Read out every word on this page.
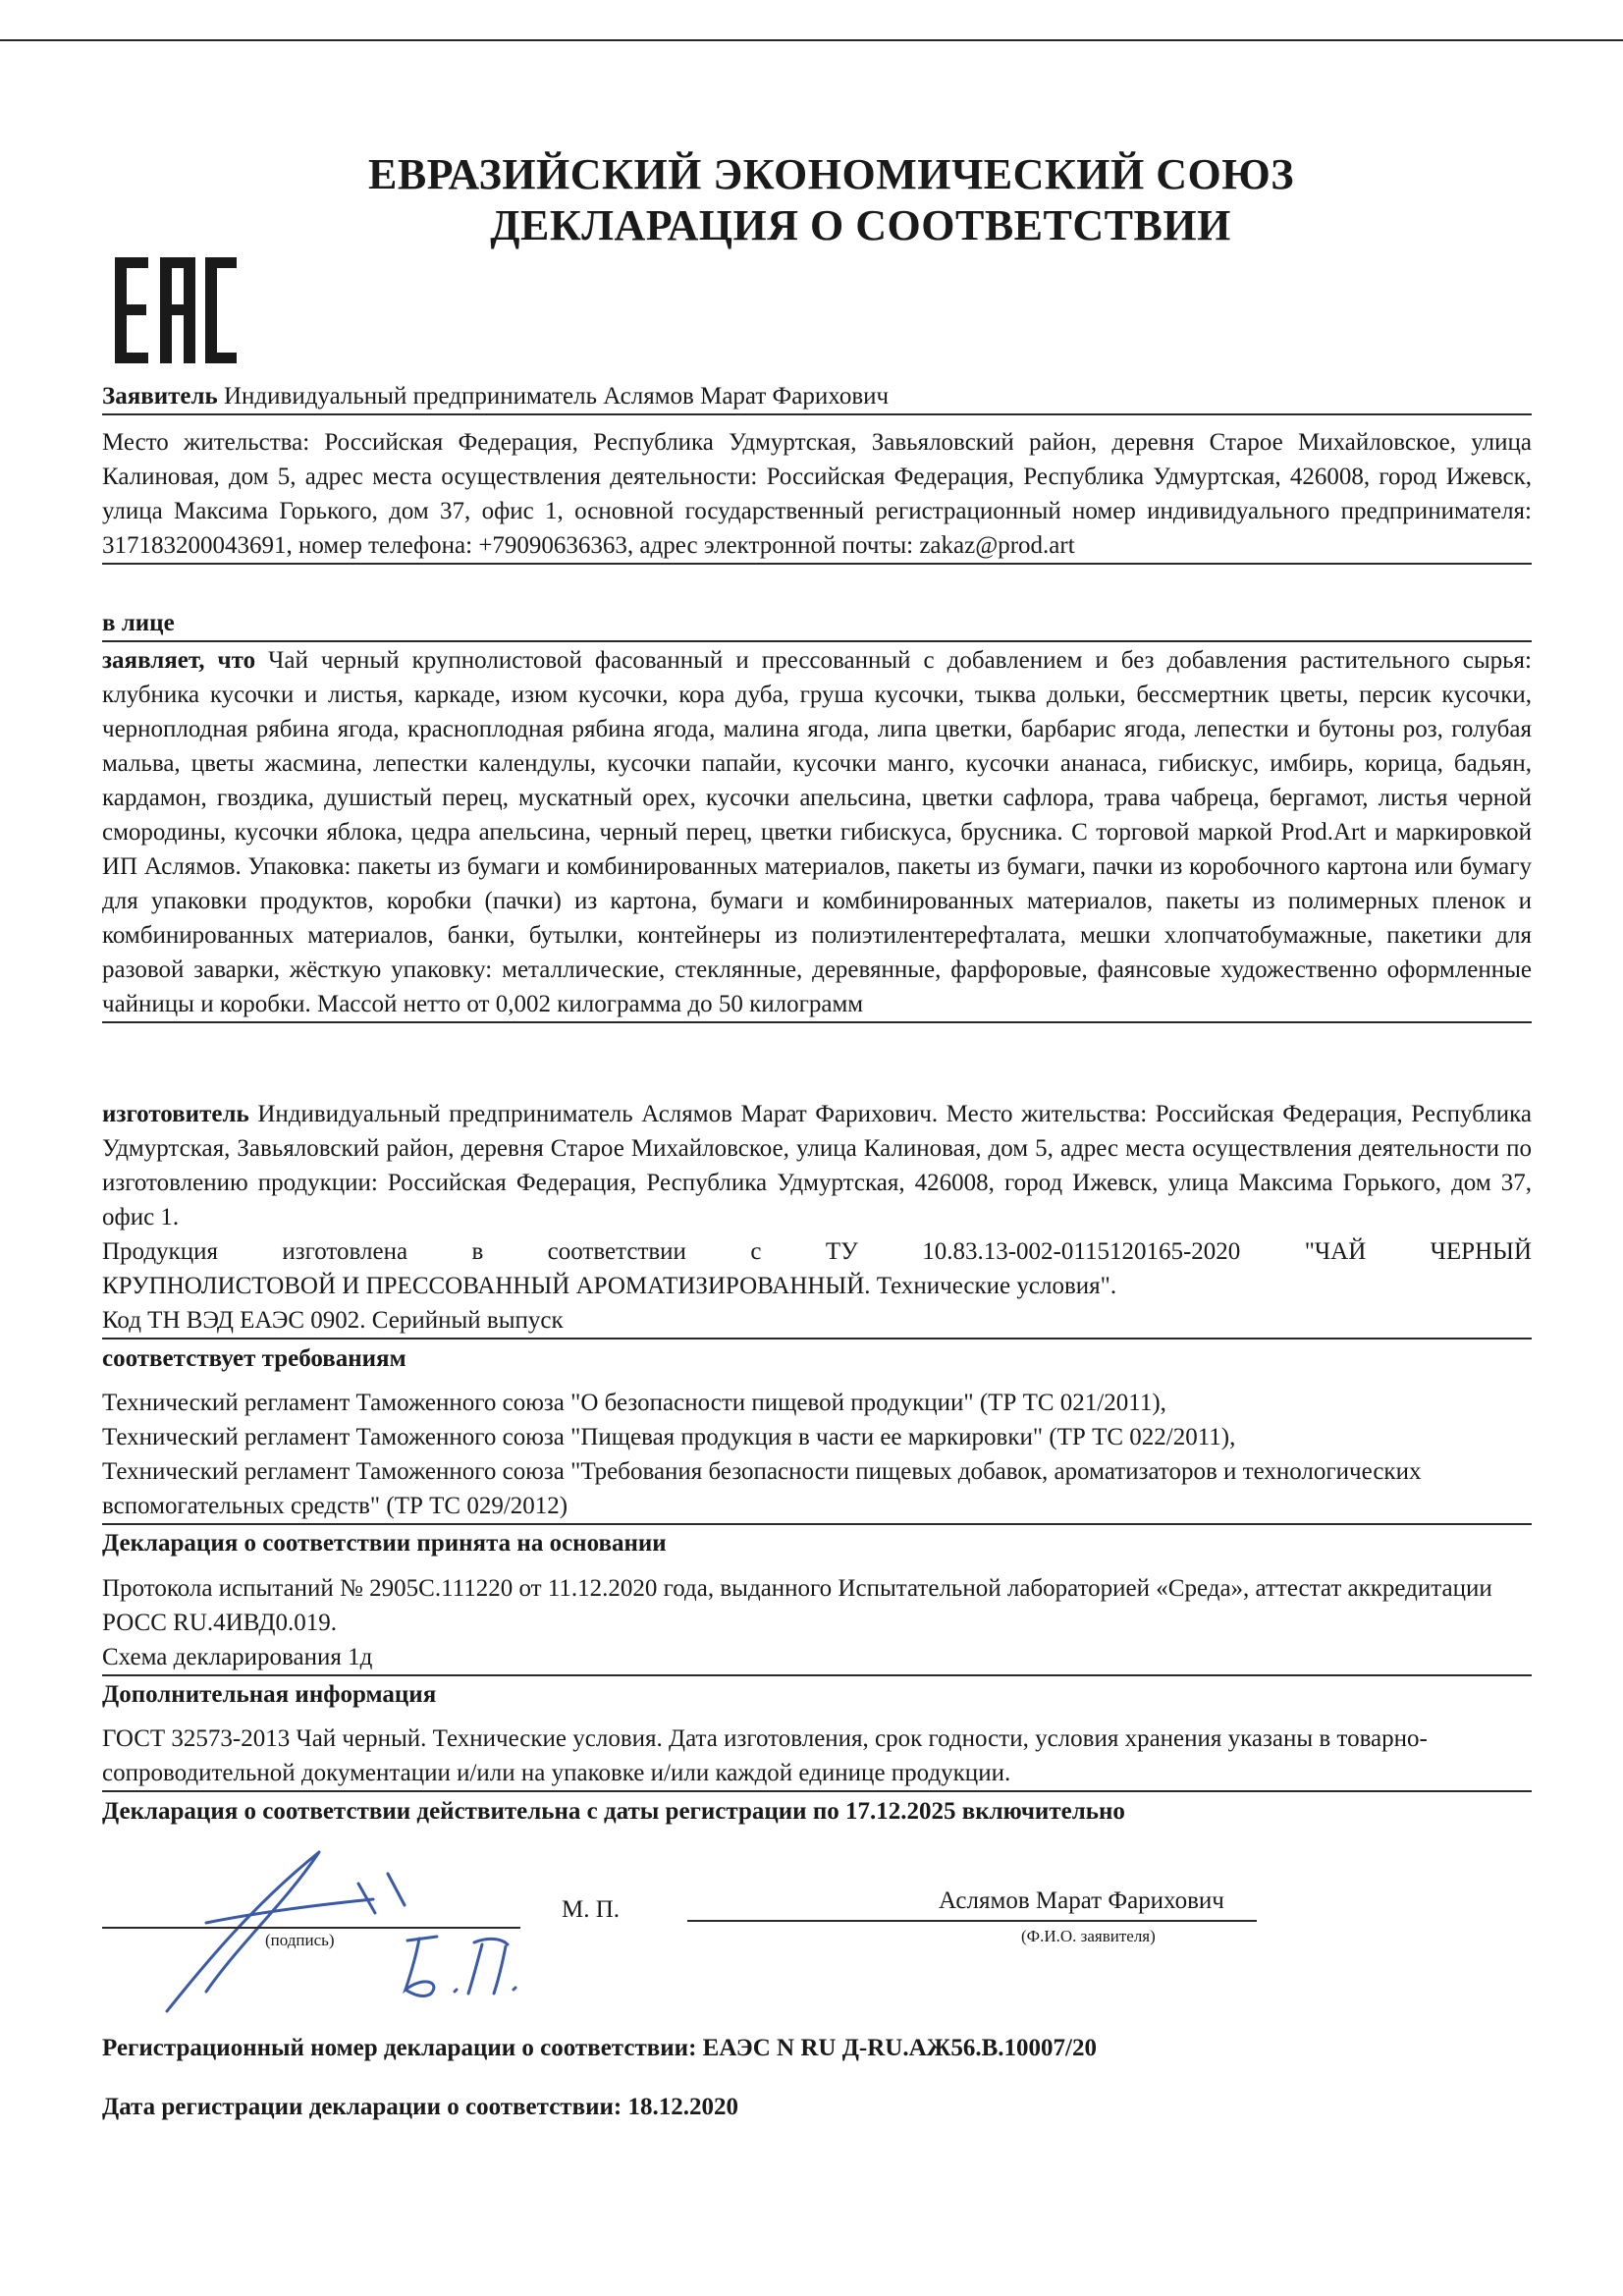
ЕВРАЗИЙСКИЙ ЭКОНОМИЧЕСКИЙ СОЮЗ
ДЕКЛАРАЦИЯ О СООТВЕТСТВИИ
Заявитель Индивидуальный предприниматель Аслямов Марат Фарихович
Место жительства: Российская Федерация, Республика Удмуртская, Завьяловский район, деревня Старое Михайловское, улица Калиновая, дом 5, адрес места осуществления деятельности: Российская Федерация, Республика Удмуртская, 426008, город Ижевск, улица Максима Горького, дом 37, офис 1, основной государственный регистрационный номер индивидуального предпринимателя: 317183200043691, номер телефона: +79090636363, адрес электронной почты: zakaz@prod.art
в лице
заявляет, что Чай черный крупнолистовой фасованный и прессованный с добавлением и без добавления растительного сырья: клубника кусочки и листья, каркаде, изюм кусочки, кора дуба, груша кусочки, тыква дольки, бессмертник цветы, персик кусочки, черноплодная рябина ягода, красноплодная рябина ягода, малина ягода, липа цветки, барбарис ягода, лепестки и бутоны роз, голубая мальва, цветы жасмина, лепестки календулы, кусочки папайи, кусочки манго, кусочки ананаса, гибискус, имбирь, корица, бадьян, кардамон, гвоздика, душистый перец, мускатный орех, кусочки апельсина, цветки сафлора, трава чабреца, бергамот, листья черной смородины, кусочки яблока, цедра апельсина, черный перец, цветки гибискуса, брусника. С торговой маркой Prod.Art и маркировкой ИП Аслямов. Упаковка: пакеты из бумаги и комбинированных материалов, пакеты из бумаги, пачки из коробочного картона или бумагу для упаковки продуктов, коробки (пачки) из картона, бумаги и комбинированных материалов, пакеты из полимерных пленок и комбинированных материалов, банки, бутылки, контейнеры из полиэтилентерефталата, мешки хлопчатобумажные, пакетики для разовой заварки, жёсткую упаковку: металлические, стеклянные, деревянные, фарфоровые, фаянсовые художественно оформленные чайницы и коробки. Массой нетто от 0,002 килограмма до 50 килограмм
изготовитель Индивидуальный предприниматель Аслямов Марат Фарихович. Место жительства: Российская Федерация, Республика Удмуртская, Завьяловский район, деревня Старое Михайловское, улица Калиновая, дом 5, адрес места осуществления деятельности по изготовлению продукции: Российская Федерация, Республика Удмуртская, 426008, город Ижевск, улица Максима Горького, дом 37, офис 1.
Продукция изготовлена в соответствии с ТУ 10.83.13-002-0115120165-2020 "ЧАЙ ЧЕРНЫЙ
КРУПНОЛИСТОВОЙ И ПРЕССОВАННЫЙ АРОМАТИЗИРОВАННЫЙ. Технические условия".
Код ТН ВЭД ЕАЭС 0902. Серийный выпуск
соответствует требованиям
Технический регламент Таможенного союза "О безопасности пищевой продукции" (ТР ТС 021/2011),
Технический регламент Таможенного союза "Пищевая продукция в части ее маркировки" (ТР ТС 022/2011),
Технический регламент Таможенного союза "Требования безопасности пищевых добавок, ароматизаторов и технологических вспомогательных средств" (ТР ТС 029/2012)
Декларация о соответствии принята на основании
Протокола испытаний № 2905С.111220 от 11.12.2020 года, выданного Испытательной лабораторией «Среда», аттестат аккредитации РОСС RU.4ИВД0.019.
Схема декларирования 1д
Дополнительная информация
ГОСТ 32573-2013 Чай черный. Технические условия. Дата изготовления, срок годности, условия хранения указаны в товарно-сопроводительной документации и/или на упаковке и/или каждой единице продукции.
Декларация о соответствии действительна с даты регистрации по 17.12.2025 включительно
(подпись)
М. П.	Аслямов Марат Фарихович
(Ф.И.О. заявителя)
Регистрационный номер декларации о соответствии: ЕАЭС N RU Д-RU.АЖ56.В.10007/20
Дата регистрации декларации о соответствии: 18.12.2020
